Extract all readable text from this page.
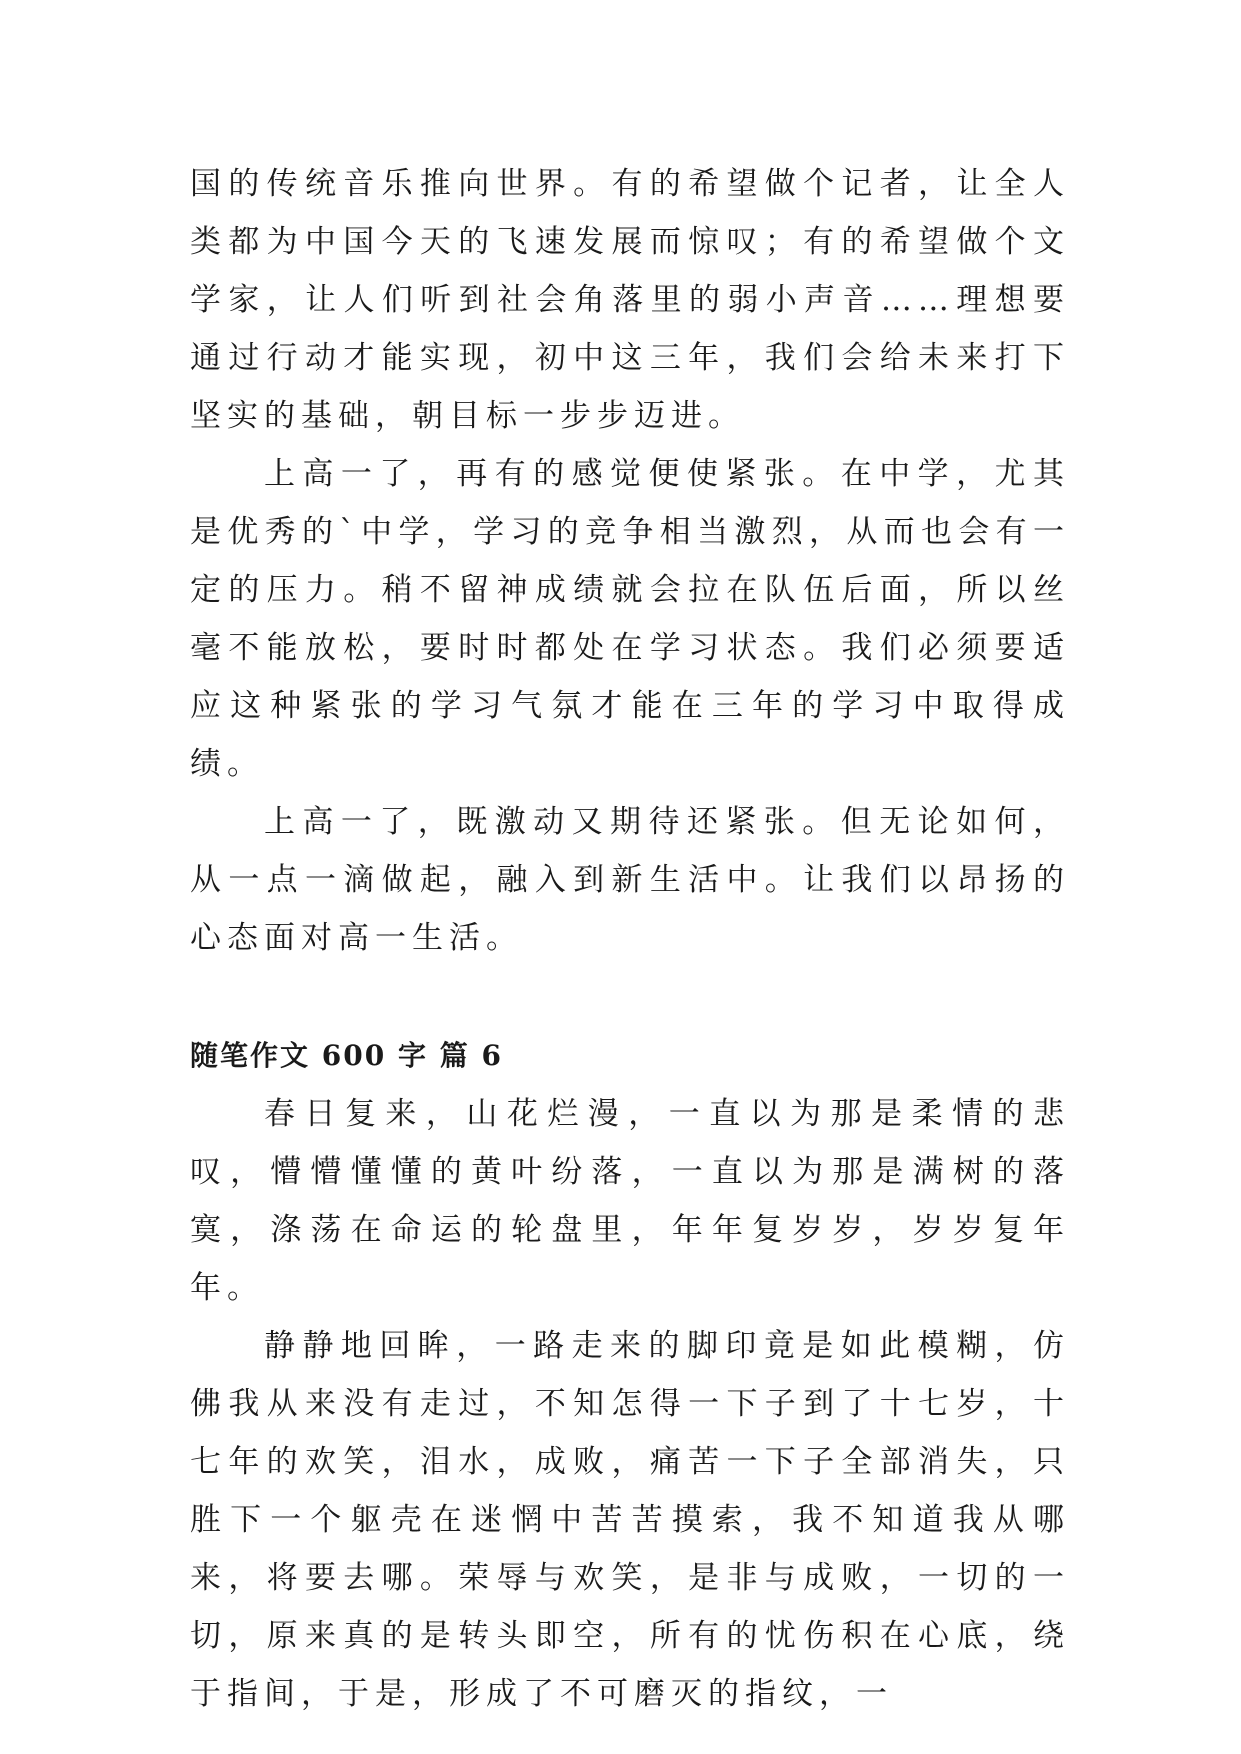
国的传统音乐推向世界。有的希望做个记者，让全人类都为中国今天的飞速发展而惊叹；有的希望做个文学家，让人们听到社会角落里的弱小声音……理想要通过行动才能实现，初中这三年，我们会给未来打下坚实的基础，朝目标一步步迈进。

上高一了，再有的感觉便使紧张。在中学，尤其是优秀的`中学，学习的竞争相当激烈，从而也会有一定的压力。稍不留神成绩就会拉在队伍后面，所以丝毫不能放松，要时时都处在学习状态。我们必须要适应这种紧张的学习气氛才能在三年的学习中取得成绩。

上高一了，既激动又期待还紧张。但无论如何，从一点一滴做起，融入到新生活中。让我们以昂扬的心态面对高一生活。

随笔作文 600 字 篇 6

春日复来，山花烂漫，一直以为那是柔情的悲叹，懵懵懂懂的黄叶纷落，一直以为那是满树的落寞，涤荡在命运的轮盘里，年年复岁岁，岁岁复年年。

静静地回眸，一路走来的脚印竟是如此模糊，仿佛我从来没有走过，不知怎得一下子到了十七岁，十七年的欢笑，泪水，成败，痛苦一下子全部消失，只胜下一个躯壳在迷惘中苦苦摸索，我不知道我从哪来，将要去哪。荣辱与欢笑，是非与成败，一切的一切，原来真的是转头即空，所有的忧伤积在心底，绕于指间，于是，形成了不可磨灭的指纹，一
